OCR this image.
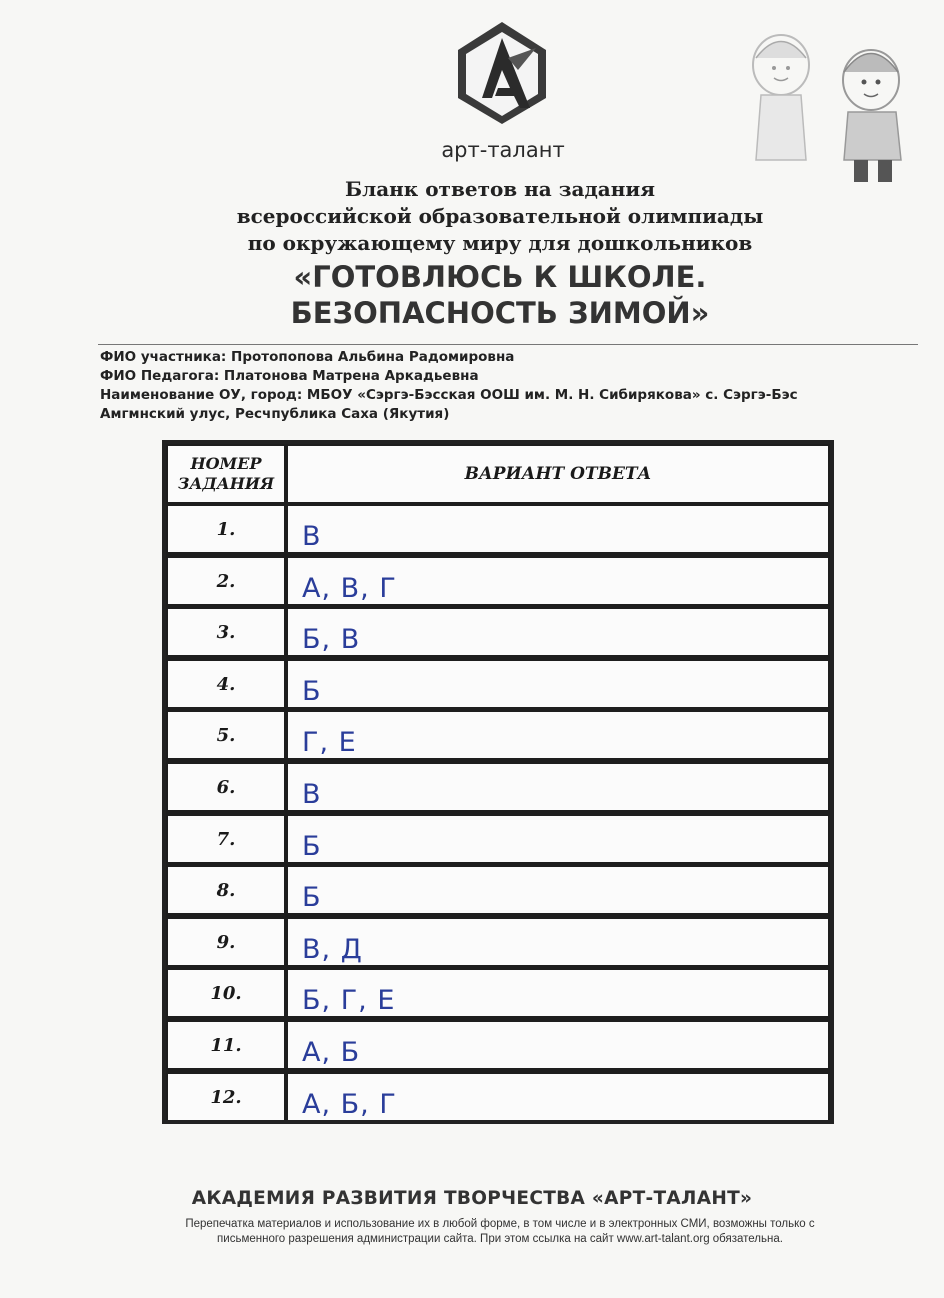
арт-талант
Бланк ответов на задания
всероссийской образовательной олимпиады
по окружающему миру для дошкольников
«ГОТОВЛЮСЬ К ШКОЛЕ.
БЕЗОПАСНОСТЬ ЗИМОЙ»
ФИО участника: Протопопова Альбина Радомировна
ФИО Педагога: Платонова Матрена Аркадьевна
Наименование ОУ, город: МБОУ «Сэргэ-Бэсская ООШ им. М. Н. Сибирякова» с. Сэргэ-Бэс
Амгмнский улус, Ресчпублика Саха (Якутия)
НОМЕР
ЗАДАНИЯ	ВАРИАНТ ОТВЕТА
1.	В
2.	А, В, Г
3.	Б, В
4.	Б
5.	Г, Е
6.	В
7.	Б
8.	Б
9.	В, Д
10.	Б, Г, Е
11.	А, Б
12.	А, Б, Г
АКАДЕМИЯ РАЗВИТИЯ ТВОРЧЕСТВА «АРТ-ТАЛАНТ»
Перепечатка материалов и использование их в любой форме, в том числе и в электронных СМИ, возможны только с
письменного разрешения администрации сайта. При этом ссылка на сайт www.art-talant.org обязательна.
